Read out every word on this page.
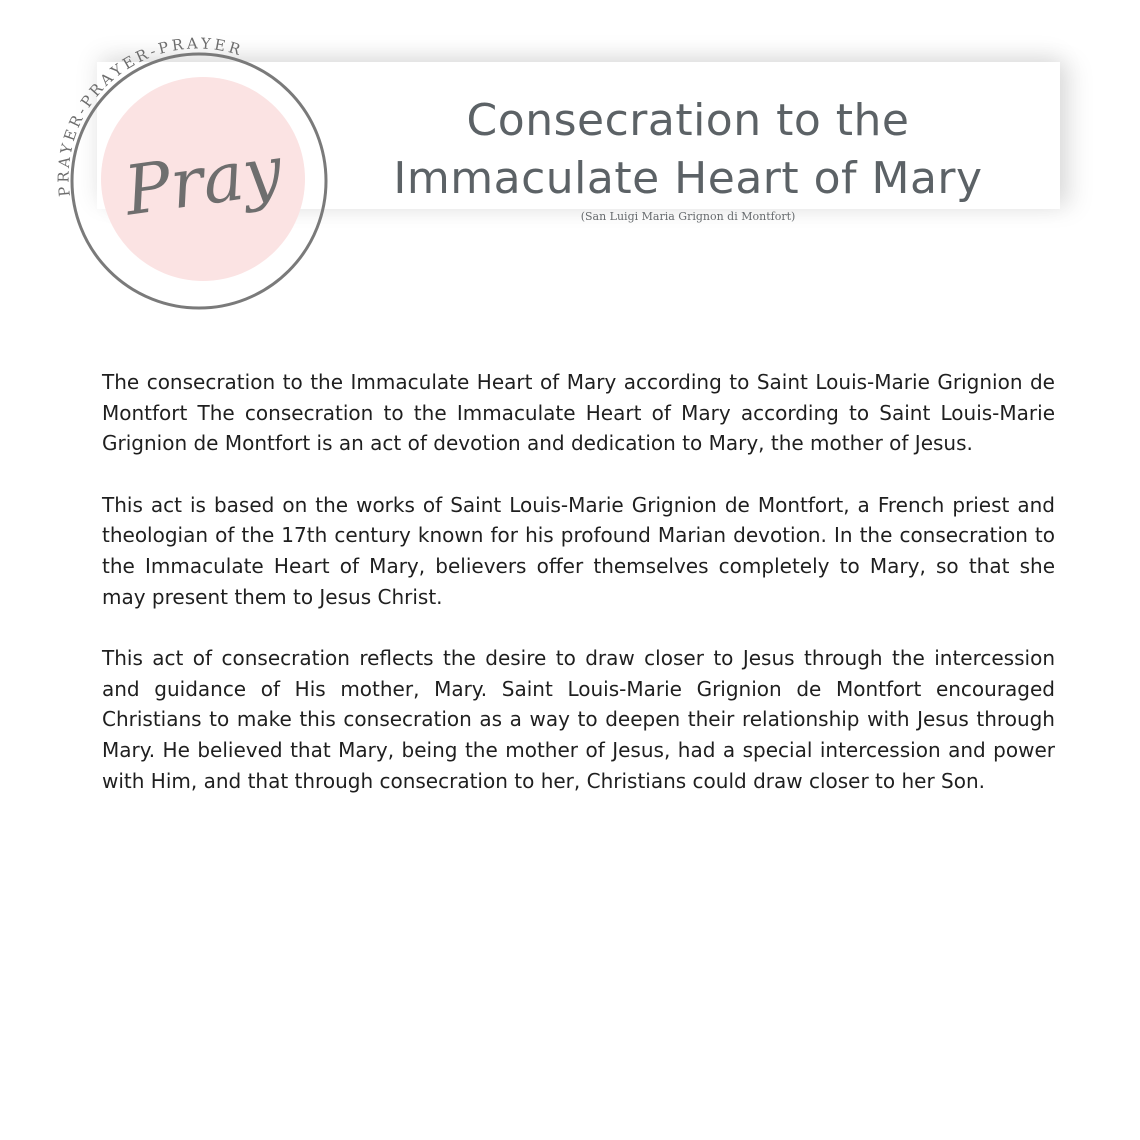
PRAYER-PRAYER-PRAYER
Pray
Consecration to the Immaculate Heart of Mary
(San Luigi Maria Grignon di Montfort)

The consecration to the Immaculate Heart of Mary according to Saint Louis-Marie Grignion de Montfort The consecration to the Immaculate Heart of Mary according to Saint Louis-Marie Grignion de Montfort is an act of devotion and dedication to Mary, the mother of Jesus.

This act is based on the works of Saint Louis-Marie Grignion de Montfort, a French priest and theologian of the 17th century known for his profound Marian devotion. In the consecration to the Immaculate Heart of Mary, believers offer themselves completely to Mary, so that she may present them to Jesus Christ.

This act of consecration reflects the desire to draw closer to Jesus through the intercession and guidance of His mother, Mary. Saint Louis-Marie Grignion de Montfort encouraged Christians to make this consecration as a way to deepen their relationship with Jesus through Mary. He believed that Mary, being the mother of Jesus, had a special intercession and power with Him, and that through consecration to her, Christians could draw closer to her Son.
